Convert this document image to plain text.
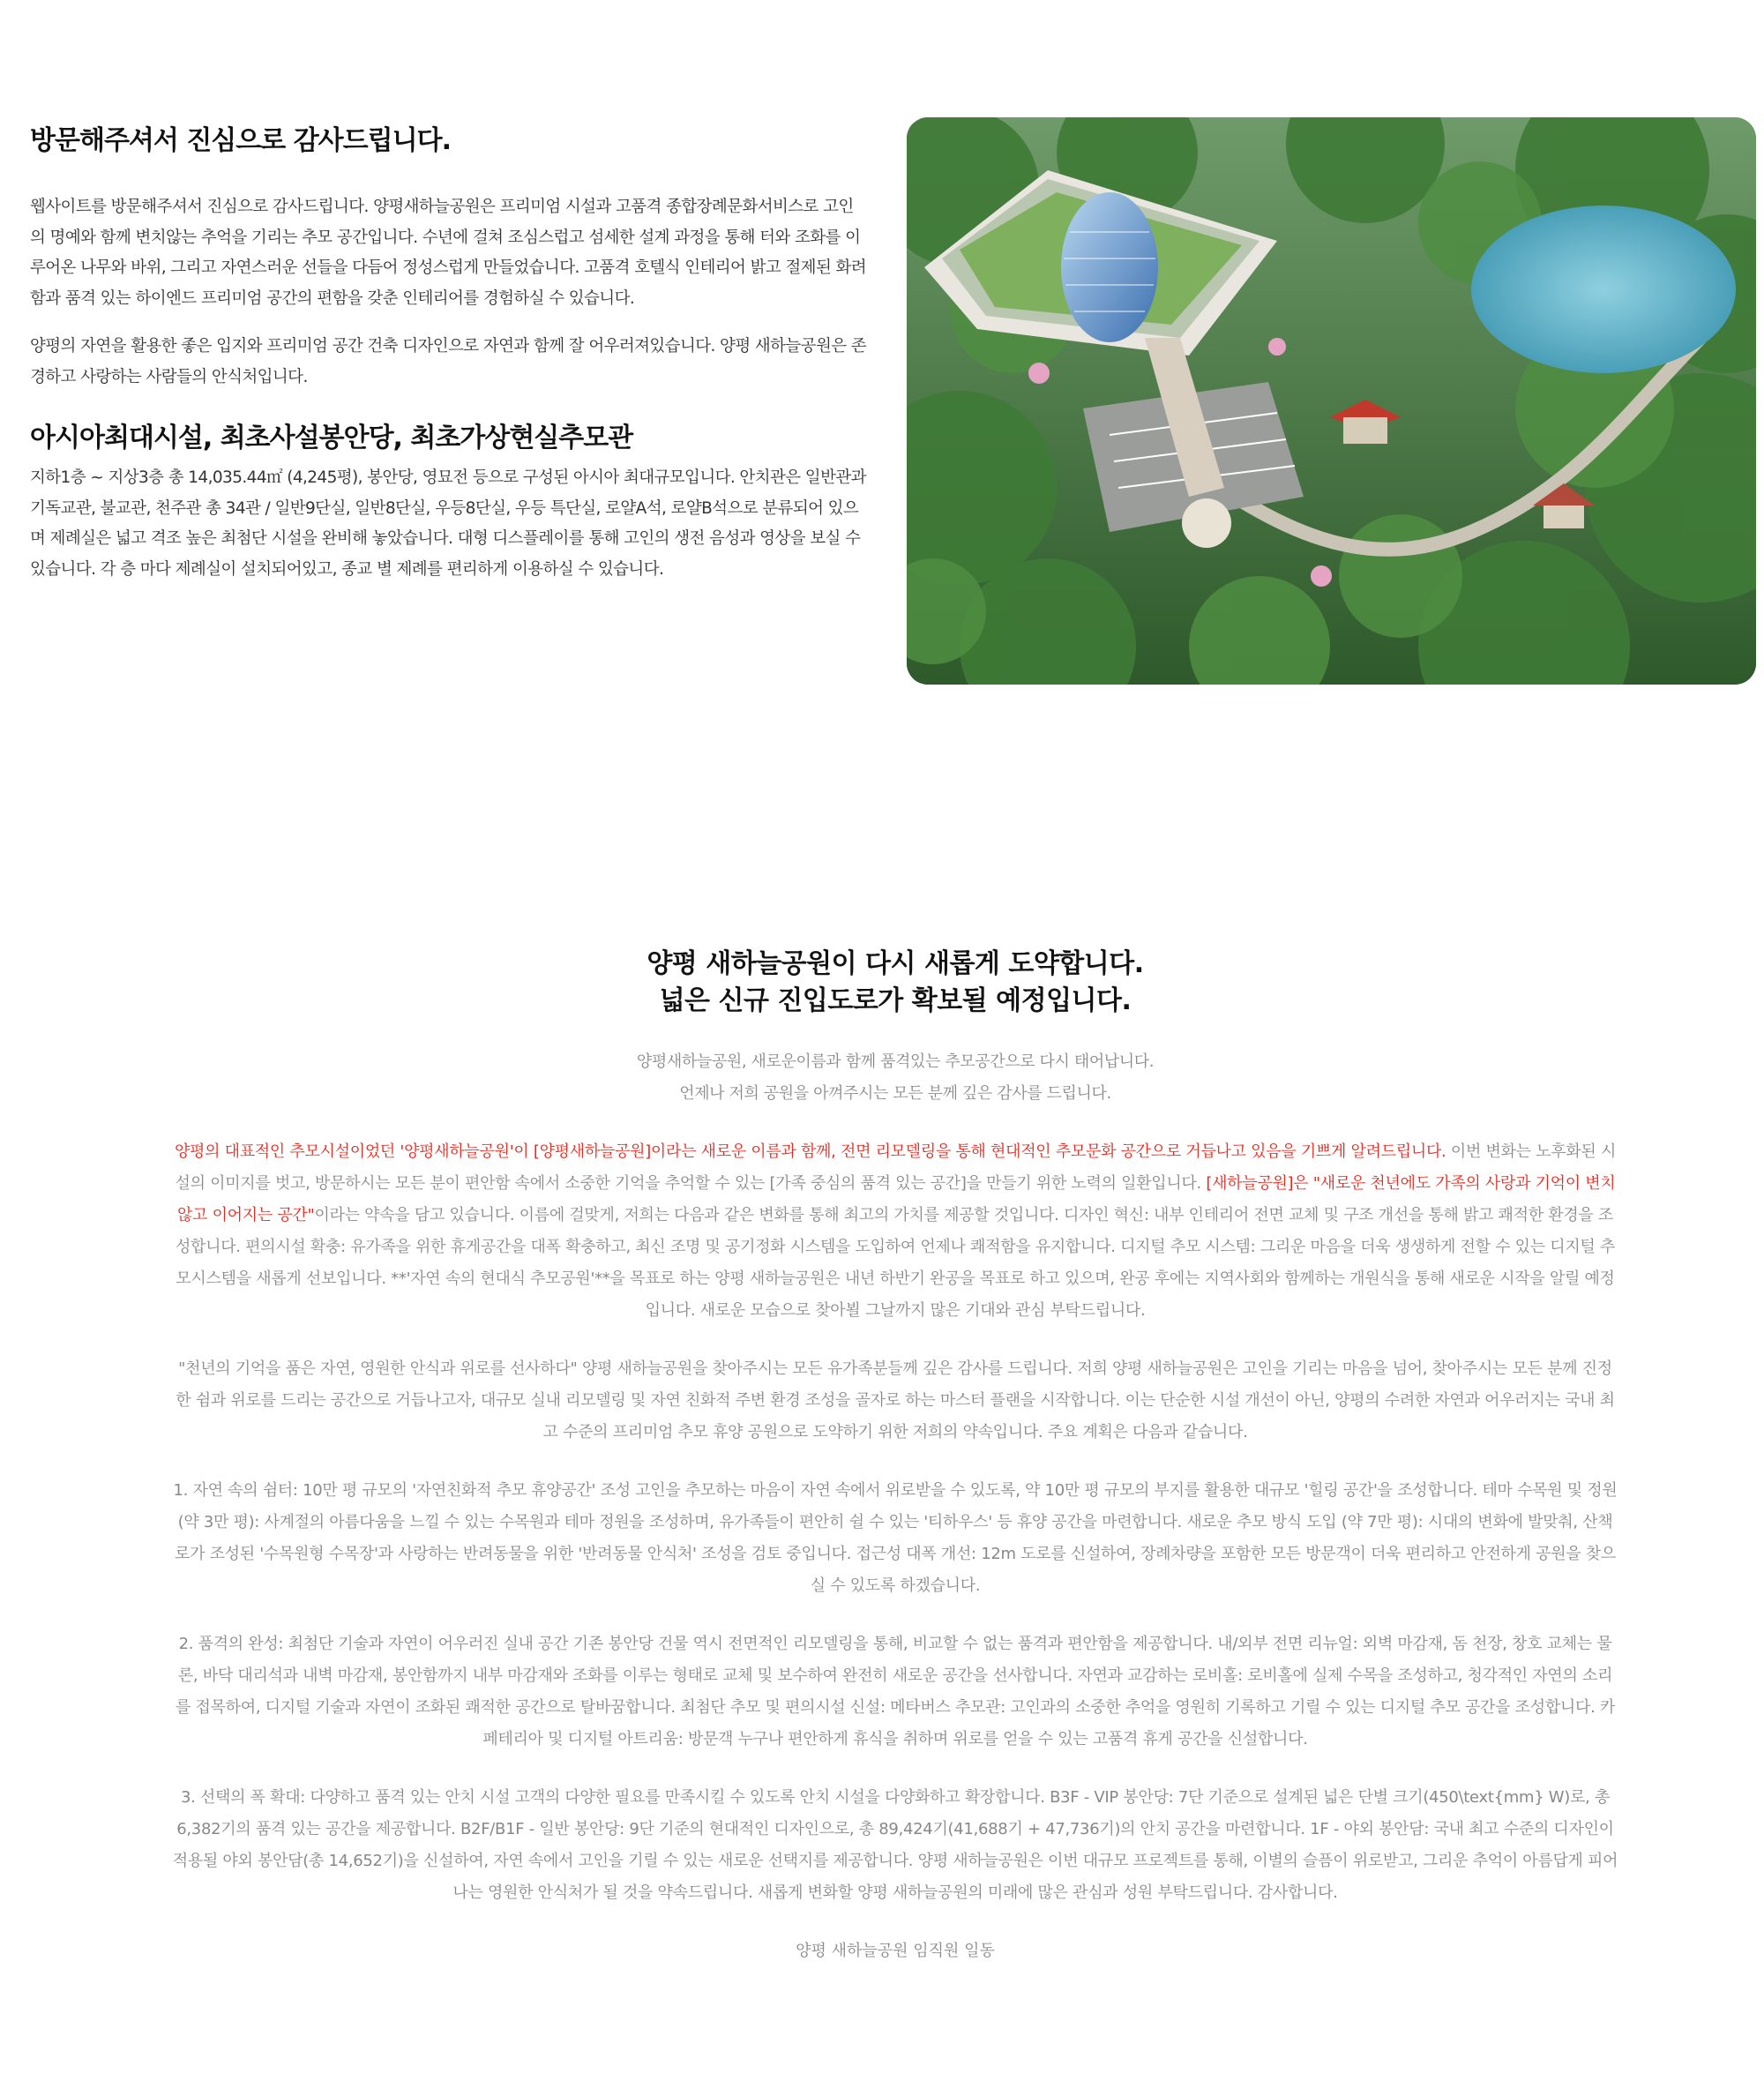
방문해주셔서 진심으로 감사드립니다.

웹사이트를 방문해주셔서 진심으로 감사드립니다. 양평새하늘공원은 프리미엄 시설과 고품격 종합장례문화서비스로 고인의 명예와 함께 변치않는 추억을 기리는 추모 공간입니다. 수년에 걸쳐 조심스럽고 섬세한 설계 과정을 통해 터와 조화를 이루어온 나무와 바위, 그리고 자연스러운 선들을 다듬어 정성스럽게 만들었습니다. 고품격 호텔식 인테리어 밝고 절제된 화려함과 품격 있는 하이엔드 프리미엄 공간의 편함을 갖춘 인테리어를 경험하실 수 있습니다.

양평의 자연을 활용한 좋은 입지와 프리미엄 공간 건축 디자인으로 자연과 함께 잘 어우러져있습니다. 양평 새하늘공원은 존경하고 사랑하는 사람들의 안식처입니다.

아시아최대시설, 최초사설봉안당, 최초가상현실추모관

지하1층 ~ 지상3층 총 14,035.44㎡ (4,245평), 봉안당, 영묘전 등으로 구성된 아시아 최대규모입니다. 안치관은 일반관과 기독교관, 불교관, 천주관 총 34관 / 일반9단실, 일반8단실, 우등8단실, 우등 특단실, 로얄A석, 로얄B석으로 분류되어 있으며 제례실은 넓고 격조 높은 최첨단 시설을 완비해 놓았습니다. 대형 디스플레이를 통해 고인의 생전 음성과 영상을 보실 수 있습니다. 각 층 마다 제례실이 설치되어있고, 종교 별 제례를 편리하게 이용하실 수 있습니다.

양평 새하늘공원이 다시 새롭게 도약합니다.
넓은 신규 진입도로가 확보될 예정입니다.

양평새하늘공원, 새로운이름과 함께 품격있는 추모공간으로 다시 태어납니다.
언제나 저희 공원을 아껴주시는 모든 분께 깊은 감사를 드립니다.

양평의 대표적인 추모시설이었던 '양평새하늘공원'이 [양평새하늘공원]이라는 새로운 이름과 함께, 전면 리모델링을 통해 현대적인 추모문화 공간으로 거듭나고 있음을 기쁘게 알려드립니다. 이번 변화는 노후화된 시설의 이미지를 벗고, 방문하시는 모든 분이 편안함 속에서 소중한 기억을 추억할 수 있는 [가족 중심의 품격 있는 공간]을 만들기 위한 노력의 일환입니다. [새하늘공원]은 "새로운 천년에도 가족의 사랑과 기억이 변치 않고 이어지는 공간"이라는 약속을 담고 있습니다. 이름에 걸맞게, 저희는 다음과 같은 변화를 통해 최고의 가치를 제공할 것입니다. 디자인 혁신: 내부 인테리어 전면 교체 및 구조 개선을 통해 밝고 쾌적한 환경을 조성합니다. 편의시설 확충: 유가족을 위한 휴게공간을 대폭 확충하고, 최신 조명 및 공기정화 시스템을 도입하여 언제나 쾌적함을 유지합니다. 디지털 추모 시스템: 그리운 마음을 더욱 생생하게 전할 수 있는 디지털 추모시스템을 새롭게 선보입니다. **'자연 속의 현대식 추모공원'**을 목표로 하는 양평 새하늘공원은 내년 하반기 완공을 목표로 하고 있으며, 완공 후에는 지역사회와 함께하는 개원식을 통해 새로운 시작을 알릴 예정입니다. 새로운 모습으로 찾아뵐 그날까지 많은 기대와 관심 부탁드립니다.

"천년의 기억을 품은 자연, 영원한 안식과 위로를 선사하다" 양평 새하늘공원을 찾아주시는 모든 유가족분들께 깊은 감사를 드립니다. 저희 양평 새하늘공원은 고인을 기리는 마음을 넘어, 찾아주시는 모든 분께 진정한 쉼과 위로를 드리는 공간으로 거듭나고자, 대규모 실내 리모델링 및 자연 친화적 주변 환경 조성을 골자로 하는 마스터 플랜을 시작합니다. 이는 단순한 시설 개선이 아닌, 양평의 수려한 자연과 어우러지는 국내 최고 수준의 프리미엄 추모 휴양 공원으로 도약하기 위한 저희의 약속입니다. 주요 계획은 다음과 같습니다.

1. 자연 속의 쉼터: 10만 평 규모의 '자연친화적 추모 휴양공간' 조성 고인을 추모하는 마음이 자연 속에서 위로받을 수 있도록, 약 10만 평 규모의 부지를 활용한 대규모 '힐링 공간'을 조성합니다. 테마 수목원 및 정원 (약 3만 평): 사계절의 아름다움을 느낄 수 있는 수목원과 테마 정원을 조성하며, 유가족들이 편안히 쉴 수 있는 '티하우스' 등 휴양 공간을 마련합니다. 새로운 추모 방식 도입 (약 7만 평): 시대의 변화에 발맞춰, 산책로가 조성된 '수목원형 수목장'과 사랑하는 반려동물을 위한 '반려동물 안식처' 조성을 검토 중입니다. 접근성 대폭 개선: 12m 도로를 신설하여, 장례차량을 포함한 모든 방문객이 더욱 편리하고 안전하게 공원을 찾으실 수 있도록 하겠습니다.

2. 품격의 완성: 최첨단 기술과 자연이 어우러진 실내 공간 기존 봉안당 건물 역시 전면적인 리모델링을 통해, 비교할 수 없는 품격과 편안함을 제공합니다. 내/외부 전면 리뉴얼: 외벽 마감재, 돔 천장, 창호 교체는 물론, 바닥 대리석과 내벽 마감재, 봉안함까지 내부 마감재와 조화를 이루는 형태로 교체 및 보수하여 완전히 새로운 공간을 선사합니다. 자연과 교감하는 로비홀: 로비홀에 실제 수목을 조성하고, 청각적인 자연의 소리를 접목하여, 디지털 기술과 자연이 조화된 쾌적한 공간으로 탈바꿈합니다. 최첨단 추모 및 편의시설 신설: 메타버스 추모관: 고인과의 소중한 추억을 영원히 기록하고 기릴 수 있는 디지털 추모 공간을 조성합니다. 카페테리아 및 디지털 아트리움: 방문객 누구나 편안하게 휴식을 취하며 위로를 얻을 수 있는 고품격 휴게 공간을 신설합니다.

3. 선택의 폭 확대: 다양하고 품격 있는 안치 시설 고객의 다양한 필요를 만족시킬 수 있도록 안치 시설을 다양화하고 확장합니다. B3F - VIP 봉안당: 7단 기준으로 설계된 넓은 단별 크기(450\text{mm} W)로, 총 6,382기의 품격 있는 공간을 제공합니다. B2F/B1F - 일반 봉안당: 9단 기준의 현대적인 디자인으로, 총 89,424기(41,688기 + 47,736기)의 안치 공간을 마련합니다. 1F - 야외 봉안담: 국내 최고 수준의 디자인이 적용될 야외 봉안담(총 14,652기)을 신설하여, 자연 속에서 고인을 기릴 수 있는 새로운 선택지를 제공합니다. 양평 새하늘공원은 이번 대규모 프로젝트를 통해, 이별의 슬픔이 위로받고, 그리운 추억이 아름답게 피어나는 영원한 안식처가 될 것을 약속드립니다. 새롭게 변화할 양평 새하늘공원의 미래에 많은 관심과 성원 부탁드립니다. 감사합니다.

양평 새하늘공원 임직원 일동
